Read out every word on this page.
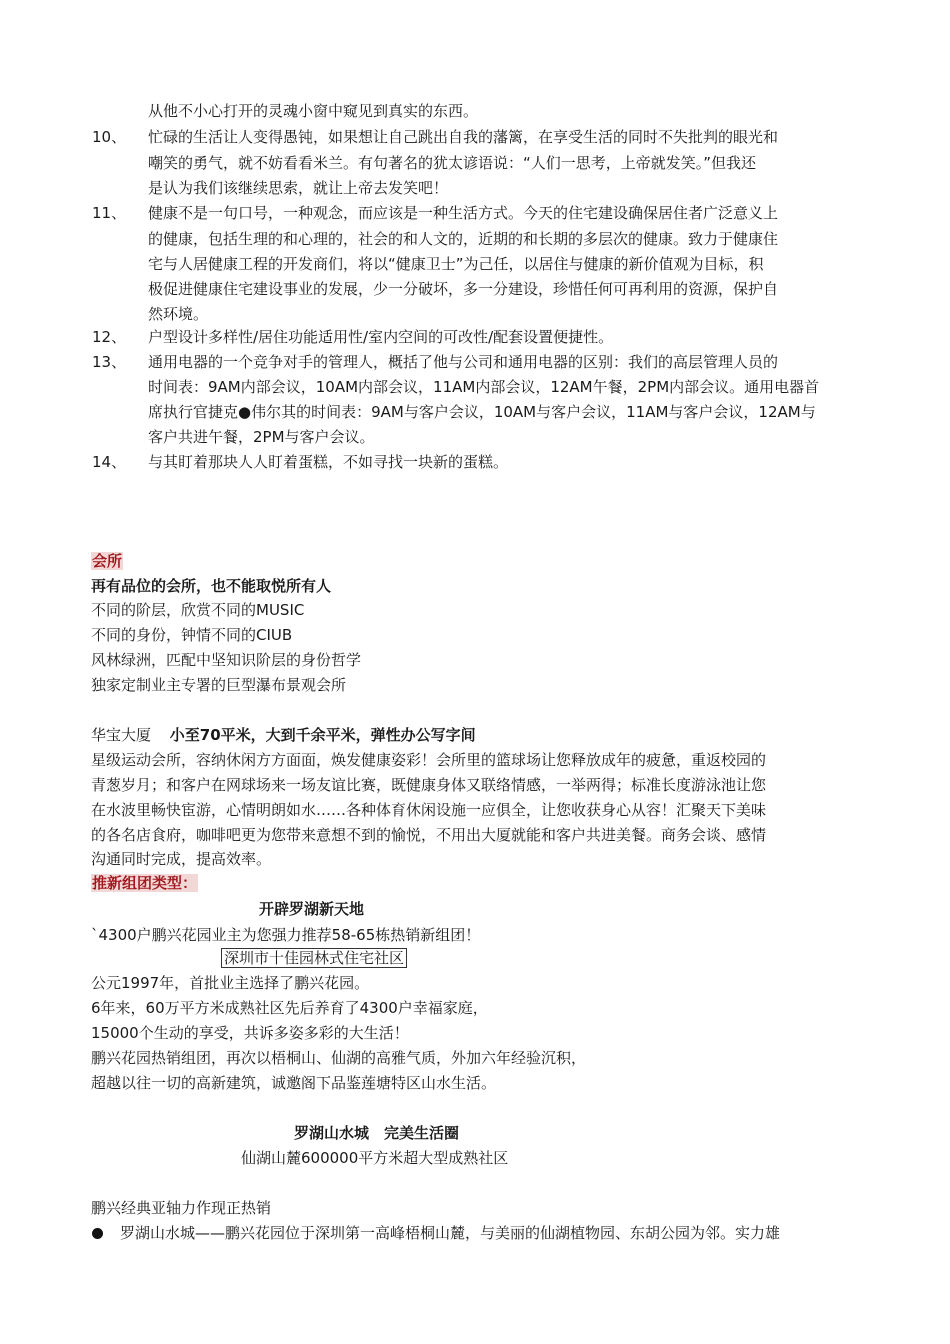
从他不小心打开的灵魂小窗中窥见到真实的东西。
10、 忙碌的生活让人变得愚钝，如果想让自己跳出自我的藩篱，在享受生活的同时不失批判的眼光和
嘲笑的勇气，就不妨看看米兰。有句著名的犹太谚语说：“人们一思考，上帝就发笑。”但我还
是认为我们该继续思索，就让上帝去发笑吧！
11、 健康不是一句口号，一种观念，而应该是一种生活方式。今天的住宅建设确保居住者广泛意义上
的健康，包括生理的和心理的，社会的和人文的，近期的和长期的多层次的健康。致力于健康住
宅与人居健康工程的开发商们，将以“健康卫士”为己任，以居住与健康的新价值观为目标，积
极促进健康住宅建设事业的发展，少一分破坏，多一分建设，珍惜任何可再利用的资源，保护自
然环境。
12、 户型设计多样性/居住功能适用性/室内空间的可改性/配套设置便捷性。
13、 通用电器的一个竞争对手的管理人，概括了他与公司和通用电器的区别：我们的高层管理人员的
时间表：9AM内部会议，10AM内部会议，11AM内部会议，12AM午餐，2PM内部会议。通用电器首
席执行官捷克●伟尔其的时间表：9AM与客户会议，10AM与客户会议，11AM与客户会议，12AM与
客户共进午餐，2PM与客户会议。
14、 与其盯着那块人人盯着蛋糕，不如寻找一块新的蛋糕。
会所
再有品位的会所，也不能取悦所有人
不同的阶层，欣赏不同的MUSIC
不同的身份，钟情不同的CIUB
风林绿洲，匹配中坚知识阶层的身份哲学
独家定制业主专署的巨型瀑布景观会所
华宝大厦 小至70平米，大到千余平米，弹性办公写字间
星级运动会所，容纳休闲方方面面，焕发健康姿彩！会所里的篮球场让您释放成年的疲惫，重返校园的
青葱岁月；和客户在网球场来一场友谊比赛，既健康身体又联络情感，一举两得；标准长度游泳池让您
在水波里畅快宦游，心情明朗如水……各种体育休闲设施一应俱全，让您收获身心从容！汇聚天下美味
的各名店食府，咖啡吧更为您带来意想不到的愉悦，不用出大厦就能和客户共进美餐。商务会谈、感情
沟通同时完成，提高效率。
推新组团类型：
开辟罗湖新天地
`4300户鹏兴花园业主为您强力推荐58-65栋热销新组团！
深圳市十佳园林式住宅社区
公元1997年，首批业主选择了鹏兴花园。
6年来，60万平方米成熟社区先后养育了4300户幸福家庭，
15000个生动的享受，共诉多姿多彩的大生活！
鹏兴花园热销组团，再次以梧桐山、仙湖的高雅气质，外加六年经验沉积，
超越以往一切的高新建筑，诚邀阁下品鉴莲塘特区山水生活。
罗湖山水城　完美生活圈
仙湖山麓600000平方米超大型成熟社区
鹏兴经典亚轴力作现正热销
罗湖山水城——鹏兴花园位于深圳第一高峰梧桐山麓，与美丽的仙湖植物园、东胡公园为邻。实力雄
